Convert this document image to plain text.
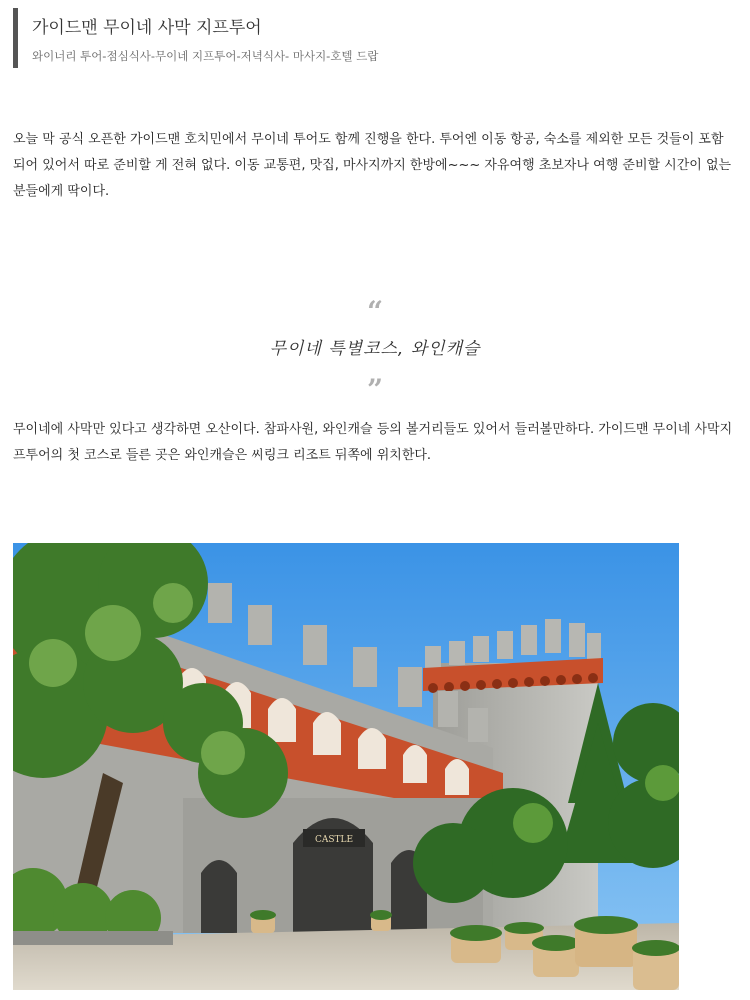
가이드맨 무이네 사막 지프투어
와이너리 투어-점심식사-무이네 지프투어-저녁식사- 마사지-호텔 드랍

오늘 막 공식 오픈한 가이드맨 호치민에서 무이네 투어도 함께 진행을 한다. 투어엔 이동 항공, 숙소를 제외한 모든 것들이 포함되어 있어서 따로 준비할 게 전혀 없다. 이동 교통편, 맛집, 마사지까지 한방에~~~ 자유여행 초보자나 여행 준비할 시간이 없는 분들에게 딱이다.

“
무이네 특별코스, 와인캐슬
”

무이네에 사막만 있다고 생각하면 오산이다. 참파사원, 와인캐슬 등의 볼거리들도 있어서 들러볼만하다. 가이드맨 무이네 사막지프투어의 첫 코스로 들른 곳은 와인캐슬은 씨링크 리조트 뒤쪽에 위치한다.

CASTLE
